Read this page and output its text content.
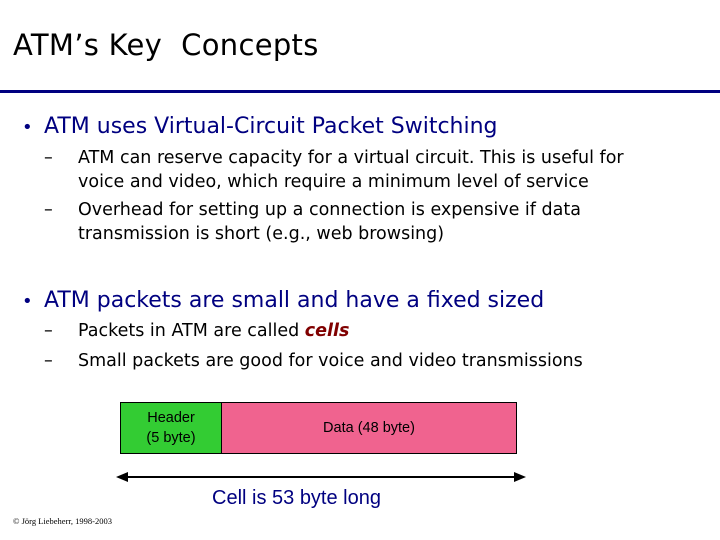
ATM’s Key  Concepts
• ATM uses Virtual-Circuit Packet Switching
– ATM can reserve capacity for a virtual circuit. This is useful for
voice and video, which require a minimum level of service
– Overhead for setting up a connection is expensive if data
transmission is short (e.g., web browsing)
• ATM packets are small and have a fixed sized
– Packets in ATM are called cells
– Small packets are good for voice and video transmissions
Header
(5 byte)
Data (48 byte)
Cell is 53 byte long
© Jörg Liebeherr, 1998-2003
